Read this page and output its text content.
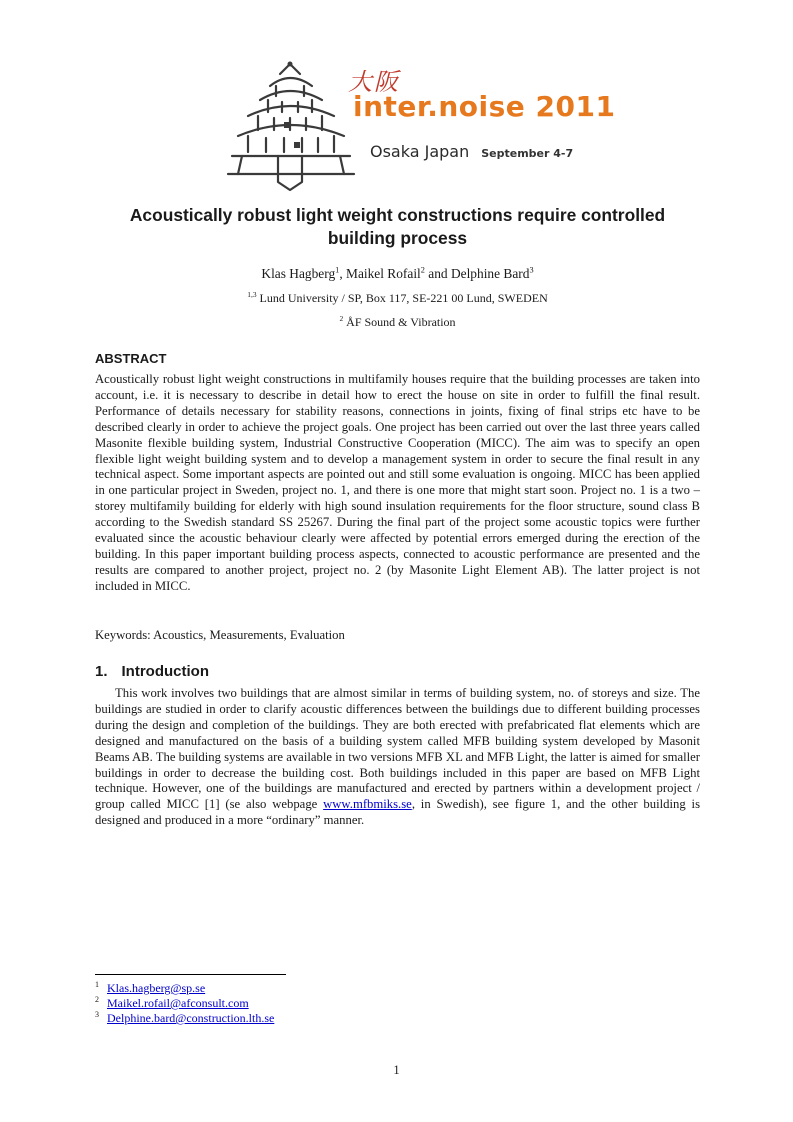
大阪
inter.noise 2011
Osaka Japan September 4-7
Acoustically robust light weight constructions require controlled building process
Klas Hagberg$^1$, Maikel Rofail$^2$ and Delphine Bard$^3$
$^{1,3}$ Lund University / SP, Box 117, SE-221 00 Lund, SWEDEN
$^2$ ÅF Sound & Vibration
ABSTRACT

Acoustically robust light weight constructions in multifamily houses require that the building processes are taken into account, i.e. it is necessary to describe in detail how to erect the house on site in order to fulfill the final result. Performance of details necessary for stability reasons, connections in joints, fixing of final strips etc have to be described clearly in order to achieve the project goals. One project has been carried out over the last three years called Masonite flexible building system, Industrial Constructive Cooperation (MICC). The aim was to specify an open flexible light weight building system and to develop a management system in order to secure the final result in any technical aspect. Some important aspects are pointed out and still some evaluation is ongoing. MICC has been applied in one particular project in Sweden, project no. 1, and there is one more that might start soon. Project no. 1 is a two – storey multifamily building for elderly with high sound insulation requirements for the floor structure, sound class B according to the Swedish standard SS 25267. During the final part of the project some acoustic topics were further evaluated since the acoustic behaviour clearly were affected by potential errors emerged during the erection of the building. In this paper important building process aspects, connected to acoustic performance are presented and the results are compared to another project, project no. 2 (by Masonite Light Element AB). The latter project is not included in MICC.

Keywords: Acoustics, Measurements, Evaluation

1. Introduction

This work involves two buildings that are almost similar in terms of building system, no. of storeys and size. The buildings are studied in order to clarify acoustic differences between the buildings due to different building processes during the design and completion of the buildings. They are both erected with prefabricated flat elements which are designed and manufactured on the basis of a building system called MFB building system developed by Masonit Beams AB. The building systems are available in two versions MFB XL and MFB Light, the latter is aimed for smaller buildings in order to decrease the building cost. Both buildings included in this paper are based on MFB Light technique. However, one of the buildings are manufactured and erected by partners within a development project / group called MICC [1] (se also webpage www.mfbmiks.se, in Swedish), see figure 1, and the other building is designed and produced in a more “ordinary” manner.

$^1$ Klas.hagberg@sp.se
$^2$ Maikel.rofail@afconsult.com
$^3$ Delphine.bard@construction.lth.se
1
